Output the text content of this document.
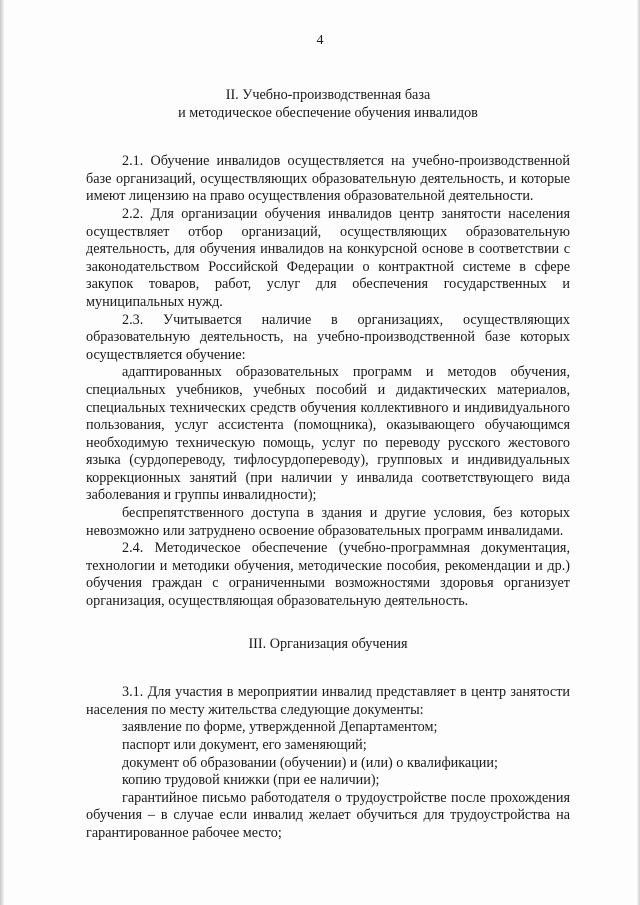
4

II. Учебно-производственная база

и методическое обеспечение обучения инвалидов

2.1. Обучение инвалидов осуществляется на учебно-производственной базе организаций, осуществляющих образовательную деятельность, и которые имеют лицензию на право осуществления образовательной деятельности.

2.2. Для организации обучения инвалидов центр занятости населения осуществляет отбор организаций, осуществляющих образовательную деятельность, для обучения инвалидов на конкурсной основе в соответствии с законодательством Российской Федерации о контрактной системе в сфере закупок товаров, работ, услуг для обеспечения государственных и муниципальных нужд.

2.3. Учитывается наличие в организациях, осуществляющих образовательную деятельность, на учебно-производственной базе которых осуществляется обучение:

адаптированных образовательных программ и методов обучения, специальных учебников, учебных пособий и дидактических материалов, специальных технических средств обучения коллективного и индивидуального пользования, услуг ассистента (помощника), оказывающего обучающимся необходимую техническую помощь, услуг по переводу русского жестового языка (сурдопереводу, тифлосурдопереводу), групповых и индивидуальных коррекционных занятий (при наличии у инвалида соответствующего вида заболевания и группы инвалидности);

беспрепятственного доступа в здания и другие условия, без которых невозможно или затруднено освоение образовательных программ инвалидами.

2.4. Методическое обеспечение (учебно-программная документация, технологии и методики обучения, методические пособия, рекомендации и др.) обучения граждан с ограниченными возможностями здоровья организует организация, осуществляющая образовательную деятельность.

III. Организация обучения

3.1. Для участия в мероприятии инвалид представляет в центр занятости населения по месту жительства следующие документы:

заявление по форме, утвержденной Департаментом;

паспорт или документ, его заменяющий;

документ об образовании (обучении) и (или) о квалификации;

копию трудовой книжки (при ее наличии);

гарантийное письмо работодателя о трудоустройстве после прохождения обучения – в случае если инвалид желает обучиться для трудоустройства на гарантированное рабочее место;
